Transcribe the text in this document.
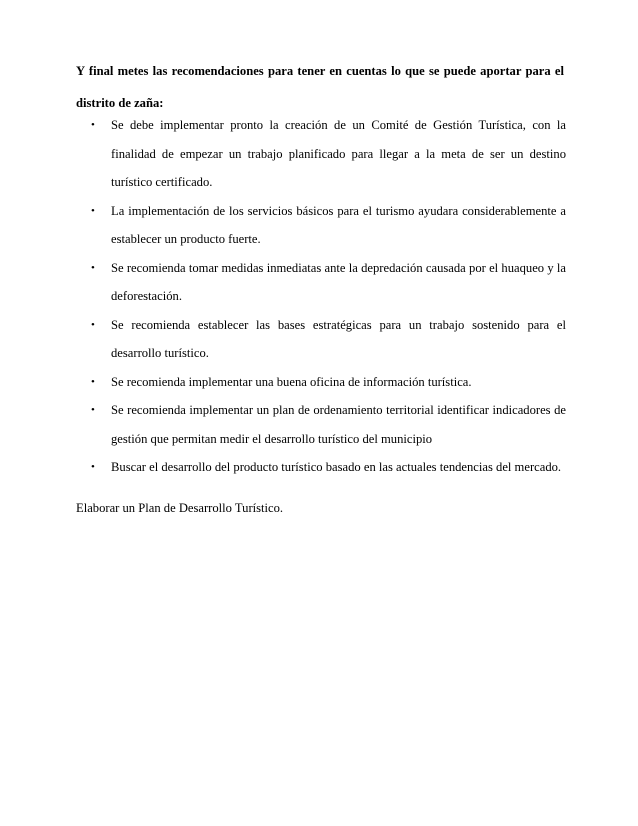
Y final metes las recomendaciones para tener en cuentas lo que se puede aportar para el distrito de zaña:

• Se debe implementar pronto la creación de un Comité de Gestión Turística, con la finalidad de empezar un trabajo planificado para llegar a la meta de ser un destino turístico certificado.
• La implementación de los servicios básicos para el turismo ayudara considerablemente a establecer un producto fuerte.
• Se recomienda tomar medidas inmediatas ante la depredación causada por el huaqueo y la deforestación.
• Se recomienda establecer las bases estratégicas para un trabajo sostenido para el desarrollo turístico.
• Se recomienda implementar una buena oficina de información turística.
• Se recomienda implementar un plan de ordenamiento territorial identificar indicadores de gestión que permitan medir el desarrollo turístico del municipio
• Buscar el desarrollo del producto turístico basado en las actuales tendencias del mercado.

Elaborar un Plan de Desarrollo Turístico.
